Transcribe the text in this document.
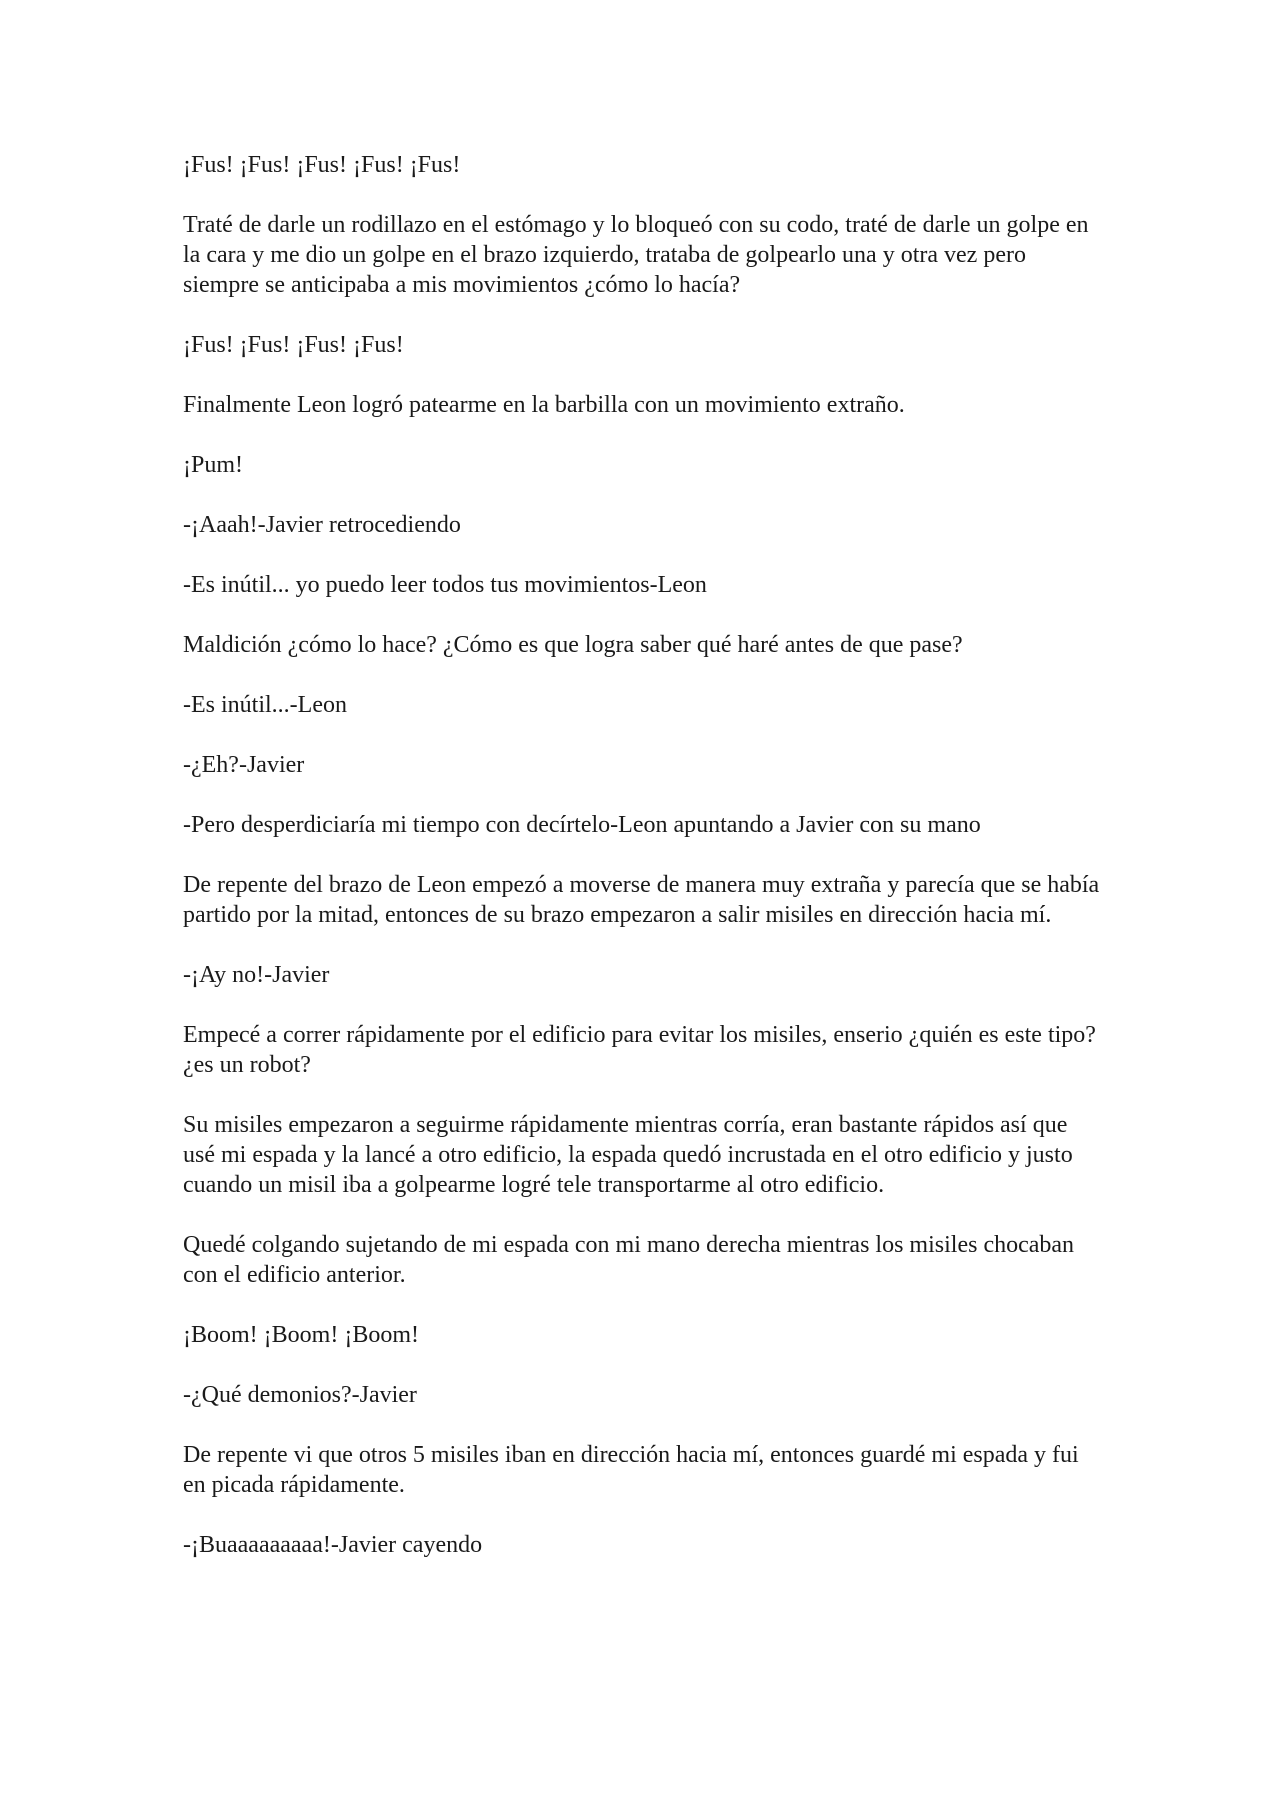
¡Fus! ¡Fus! ¡Fus! ¡Fus! ¡Fus!

Traté de darle un rodillazo en el estómago y lo bloqueó con su codo, traté de darle un golpe en la cara y me dio un golpe en el brazo izquierdo, trataba de golpearlo una y otra vez pero siempre se anticipaba a mis movimientos ¿cómo lo hacía?

¡Fus! ¡Fus! ¡Fus! ¡Fus!

Finalmente Leon logró patearme en la barbilla con un movimiento extraño.

¡Pum!

-¡Aaah!-Javier retrocediendo

-Es inútil... yo puedo leer todos tus movimientos-Leon

Maldición ¿cómo lo hace? ¿Cómo es que logra saber qué haré antes de que pase?

-Es inútil...-Leon

-¿Eh?-Javier

-Pero desperdiciaría mi tiempo con decírtelo-Leon apuntando a Javier con su mano

De repente del brazo de Leon empezó a moverse de manera muy extraña y parecía que se había partido por la mitad, entonces de su brazo empezaron a salir misiles en dirección hacia mí.

-¡Ay no!-Javier

Empecé a correr rápidamente por el edificio para evitar los misiles, enserio ¿quién es este tipo? ¿es un robot?

Su misiles empezaron a seguirme rápidamente mientras corría, eran bastante rápidos así que usé mi espada y la lancé a otro edificio, la espada quedó incrustada en el otro edificio y justo cuando un misil iba a golpearme logré tele transportarme al otro edificio.

Quedé colgando sujetando de mi espada con mi mano derecha mientras los misiles chocaban con el edificio anterior.

¡Boom! ¡Boom! ¡Boom!

-¿Qué demonios?-Javier

De repente vi que otros 5 misiles iban en dirección hacia mí, entonces guardé mi espada y fui en picada rápidamente.

-¡Buaaaaaaaaa!-Javier cayendo
